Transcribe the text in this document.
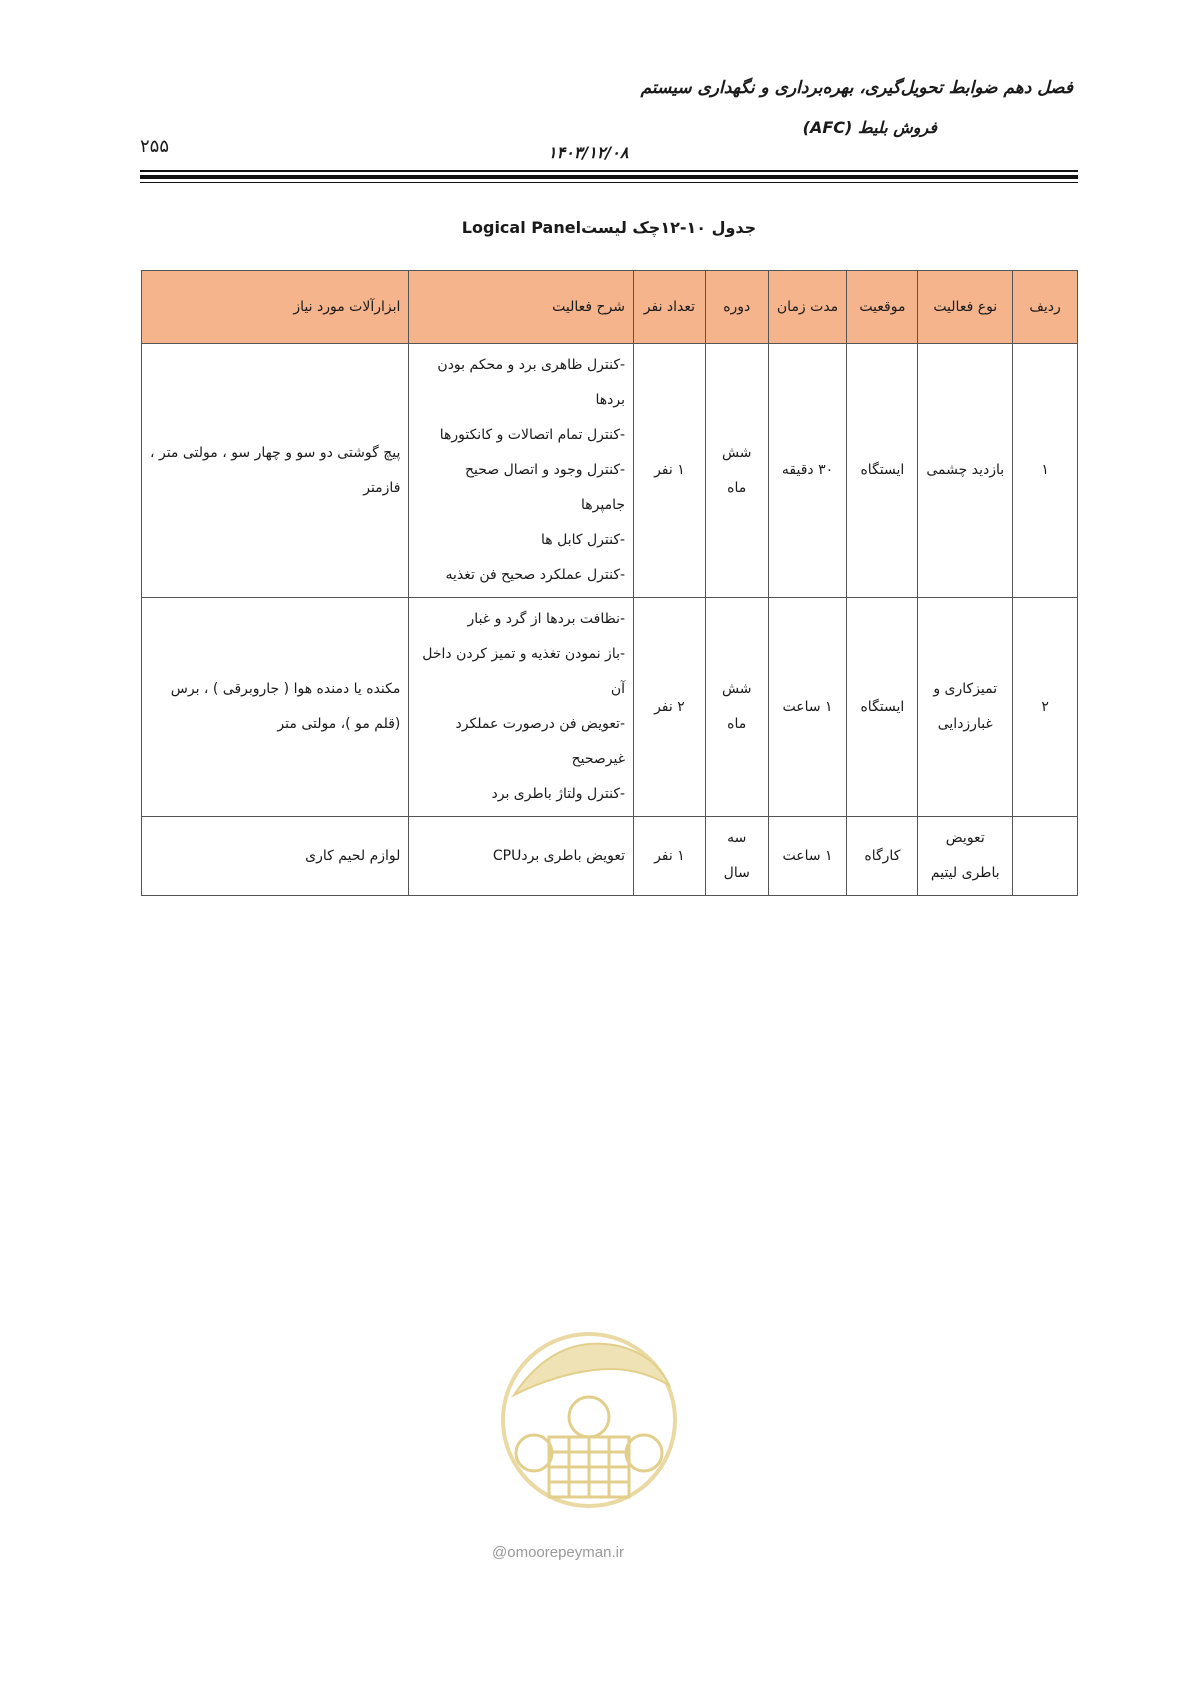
فصل دهم ضوابط تحویل‌گیری، بهره‌برداری و نگهداری سیستم
فروش بلیط (AFC)
۱۴۰۳/۱۲/۰۸
۲۵۵
جدول ۱۰-۱۲چک لیستLogical Panel
ردیف	نوع فعالیت	موقعیت	مدت زمان	دوره	تعداد نفر	شرح فعالیت	ابزارآلات مورد نیاز
۱	بازدید چشمی	ایستگاه	۳۰ دقیقه	شش ماه	۱ نفر	-کنترل ظاهری برد و محکم بودن بردها
-کنترل تمام اتصالات و کانکتورها
-کنترل وجود و اتصال صحیح جامپرها
-کنترل کابل ها
-کنترل عملکرد صحیح فن تغذیه	پیچ گوشتی دو سو و چهار سو ، مولتی متر ، فازمتر
۲	تمیزکاری و غبارزدایی	ایستگاه	۱ ساعت	شش ماه	۲ نفر	-نظافت بردها از گرد و غبار
-باز نمودن تغذیه و تمیز کردن داخل آن
-تعویض فن درصورت عملکرد غیرصحیح
-کنترل ولتاژ باطری برد	مکنده یا دمنده هوا ( جاروبرقی ) ، برس (قلم مو )، مولتی متر
	تعویض باطری لیتیم	کارگاه	۱ ساعت	سه سال	۱ نفر	تعویض باطری بردCPU	لوازم لحیم کاری
@omoorepeyman.ir
